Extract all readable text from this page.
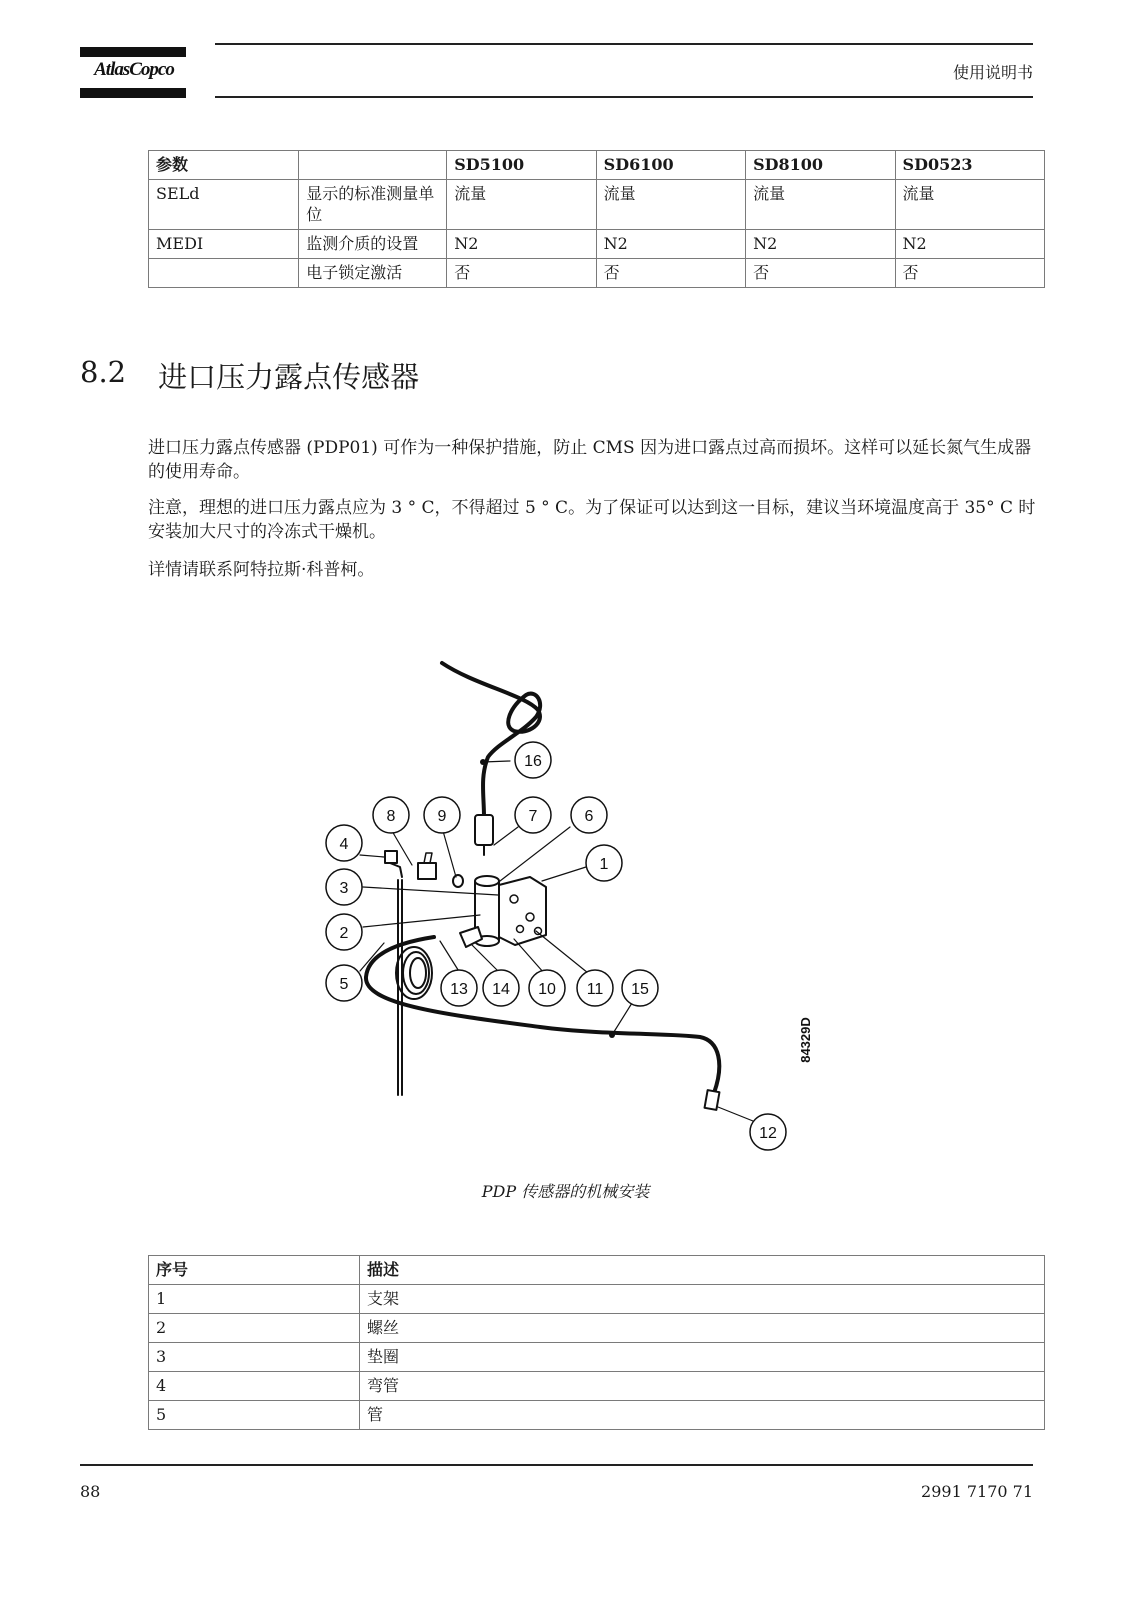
AtlasCopco	使用说明书
参数		SD5100	SD6100	SD8100	SD0523
SELd	显示的标准测量单位	流量	流量	流量	流量
MEDI	监测介质的设置	N2	N2	N2	N2
	电子锁定激活	否	否	否	否
8.2 进口压力露点传感器
进口压力露点传感器 (PDP01) 可作为一种保护措施，防止 CMS 因为进口露点过高而损坏。这样可以延长氮气生成器的使用寿命。
注意，理想的进口压力露点应为 3 ° C，不得超过 5 ° C。为了保证可以达到这一目标，建议当环境温度高于 35° C 时安装加大尺寸的冷冻式干燥机。
详情请联系阿特拉斯·科普柯。
16
8	9	7	6
4
1
3
2
5	13 14 10 11 15
12
84329D
PDP 传感器的机械安装
序号	描述
1	支架
2	螺丝
3	垫圈
4	弯管
5	管
88	2991 7170 71
